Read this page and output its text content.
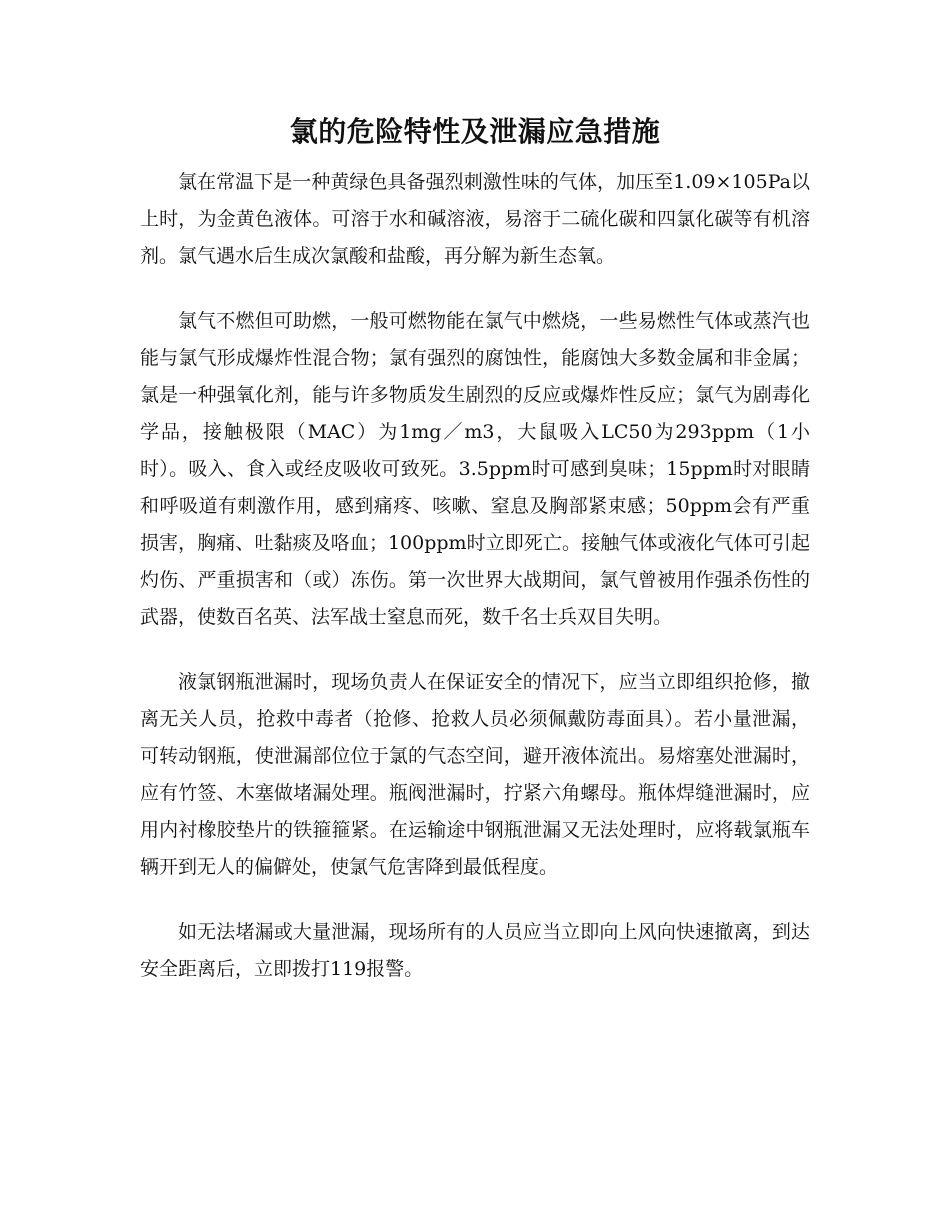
氯的危险特性及泄漏应急措施

氯在常温下是一种黄绿色具备强烈刺激性味的气体，加压至1.09×105Pa以上时，为金黄色液体。可溶于水和碱溶液，易溶于二硫化碳和四氯化碳等有机溶剂。氯气遇水后生成次氯酸和盐酸，再分解为新生态氧。

氯气不燃但可助燃，一般可燃物能在氯气中燃烧，一些易燃性气体或蒸汽也能与氯气形成爆炸性混合物；氯有强烈的腐蚀性，能腐蚀大多数金属和非金属；氯是一种强氧化剂，能与许多物质发生剧烈的反应或爆炸性反应；氯气为剧毒化学品，接触极限（MAC）为1mg／m3，大鼠吸入LC50为293ppm（1小时）。吸入、食入或经皮吸收可致死。3.5ppm时可感到臭味；15ppm时对眼睛和呼吸道有刺激作用，感到痛疼、咳嗽、窒息及胸部紧束感；50ppm会有严重损害，胸痛、吐黏痰及咯血；100ppm时立即死亡。接触气体或液化气体可引起灼伤、严重损害和（或）冻伤。第一次世界大战期间，氯气曾被用作强杀伤性的武器，使数百名英、法军战士窒息而死，数千名士兵双目失明。

液氯钢瓶泄漏时，现场负责人在保证安全的情况下，应当立即组织抢修，撤离无关人员，抢救中毒者（抢修、抢救人员必须佩戴防毒面具）。若小量泄漏，可转动钢瓶，使泄漏部位位于氯的气态空间，避开液体流出。易熔塞处泄漏时，应有竹签、木塞做堵漏处理。瓶阀泄漏时，拧紧六角螺母。瓶体焊缝泄漏时，应用内衬橡胶垫片的铁箍箍紧。在运输途中钢瓶泄漏又无法处理时，应将载氯瓶车辆开到无人的偏僻处，使氯气危害降到最低程度。

如无法堵漏或大量泄漏，现场所有的人员应当立即向上风向快速撤离，到达安全距离后，立即拨打119报警。
